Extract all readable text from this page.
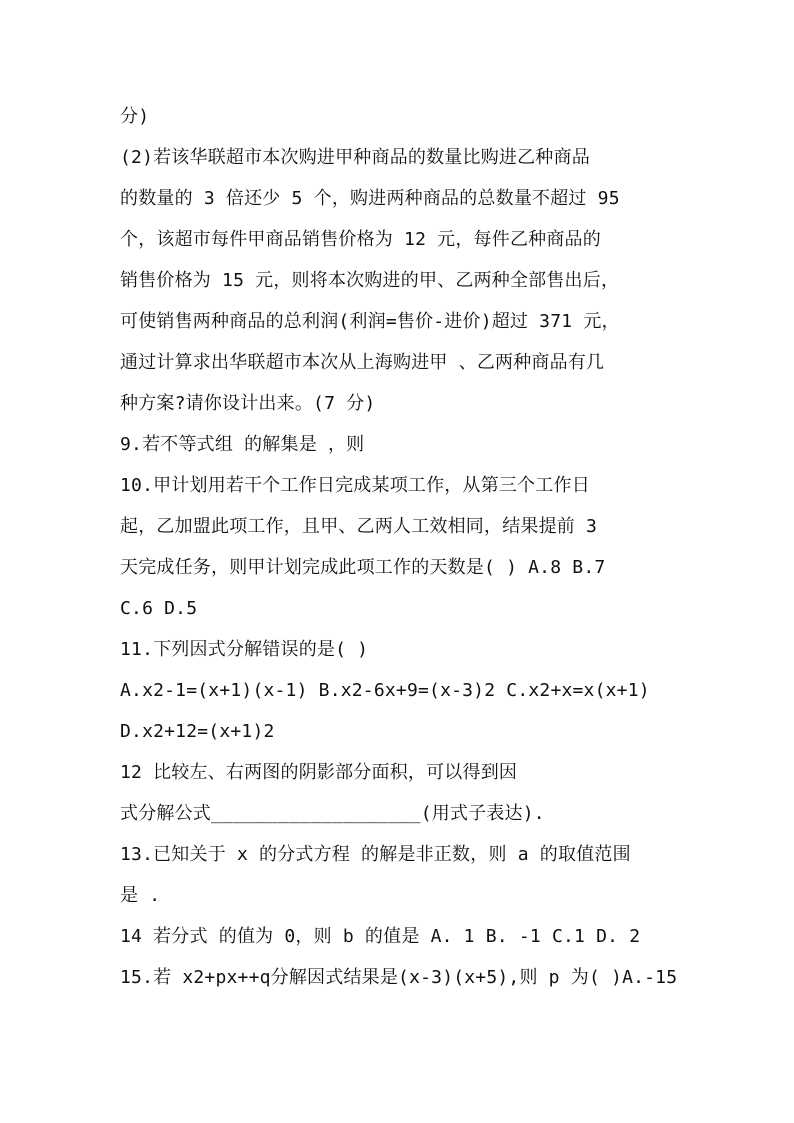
分)
(2)若该华联超市本次购进甲种商品的数量比购进乙种商品
的数量的 3 倍还少 5 个，购进两种商品的总数量不超过 95
个，该超市每件甲商品销售价格为 12 元，每件乙种商品的
销售价格为 15 元，则将本次购进的甲、乙两种全部售出后，
可使销售两种商品的总利润(利润=售价-进价)超过 371 元，
通过计算求出华联超市本次从上海购进甲 、乙两种商品有几
种方案?请你设计出来。(7 分)
9.若不等式组 的解集是 ，则
10.甲计划用若干个工作日完成某项工作，从第三个工作日
起，乙加盟此项工作，且甲、乙两人工效相同，结果提前 3
天完成任务，则甲计划完成此项工作的天数是( ) A.8 B.7
C.6 D.5
11.下列因式分解错误的是( )
A.x2-1=(x+1)(x-1) B.x2-6x+9=(x-3)2 C.x2+x=x(x+1)
D.x2+12=(x+1)2
12 比较左、右两图的阴影部分面积，可以得到因
式分解公式___________________(用式子表达).
13.已知关于 x 的分式方程 的解是非正数，则 a 的取值范围
是 .
14 若分式 的值为 0，则 b 的值是 A. 1 B. -1 C.1 D. 2
15.若 x2+px++q分解因式结果是(x-3)(x+5),则 p 为( )A.-15
